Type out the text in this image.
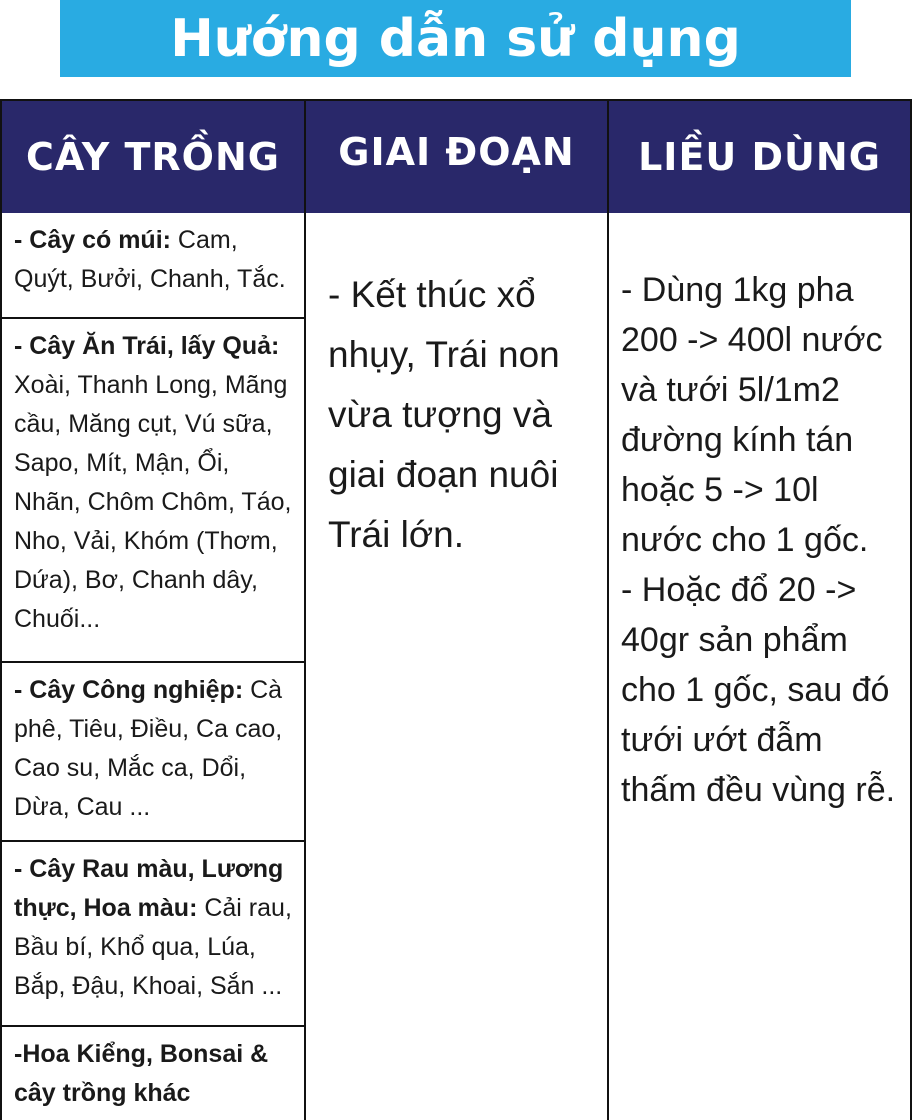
Hướng dẫn sử dụng
CÂY TRỒNG	GIAI ĐOẠN	LIỀU DÙNG
- Cây có múi: Cam, Quýt, Bưởi, Chanh, Tắc.
- Cây Ăn Trái, lấy Quả: Xoài, Thanh Long, Mãng cầu, Măng cụt, Vú sữa, Sapo, Mít, Mận, Ổi, Nhãn, Chôm Chôm, Táo, Nho, Vải, Khóm (Thơm, Dứa), Bơ, Chanh dây, Chuối...
- Cây Công nghiệp: Cà phê, Tiêu, Điều, Ca cao, Cao su, Mắc ca, Dổi, Dừa, Cau ...
- Cây Rau màu, Lương thực, Hoa màu: Cải rau, Bầu bí, Khổ qua, Lúa, Bắp, Đậu, Khoai, Sắn ...
-Hoa Kiểng, Bonsai & cây trồng khác
- Kết thúc xổ nhụy, Trái non vừa tượng và giai đoạn nuôi Trái lớn.

- Dùng 1kg pha 200 -> 400l nước và tưới 5l/1m2 đường kính tán hoặc 5 -> 10l nước cho 1 gốc.

- Hoặc đổ 20 -> 40gr sản phẩm cho 1 gốc, sau đó tưới ướt đẫm thấm đều vùng rễ.
